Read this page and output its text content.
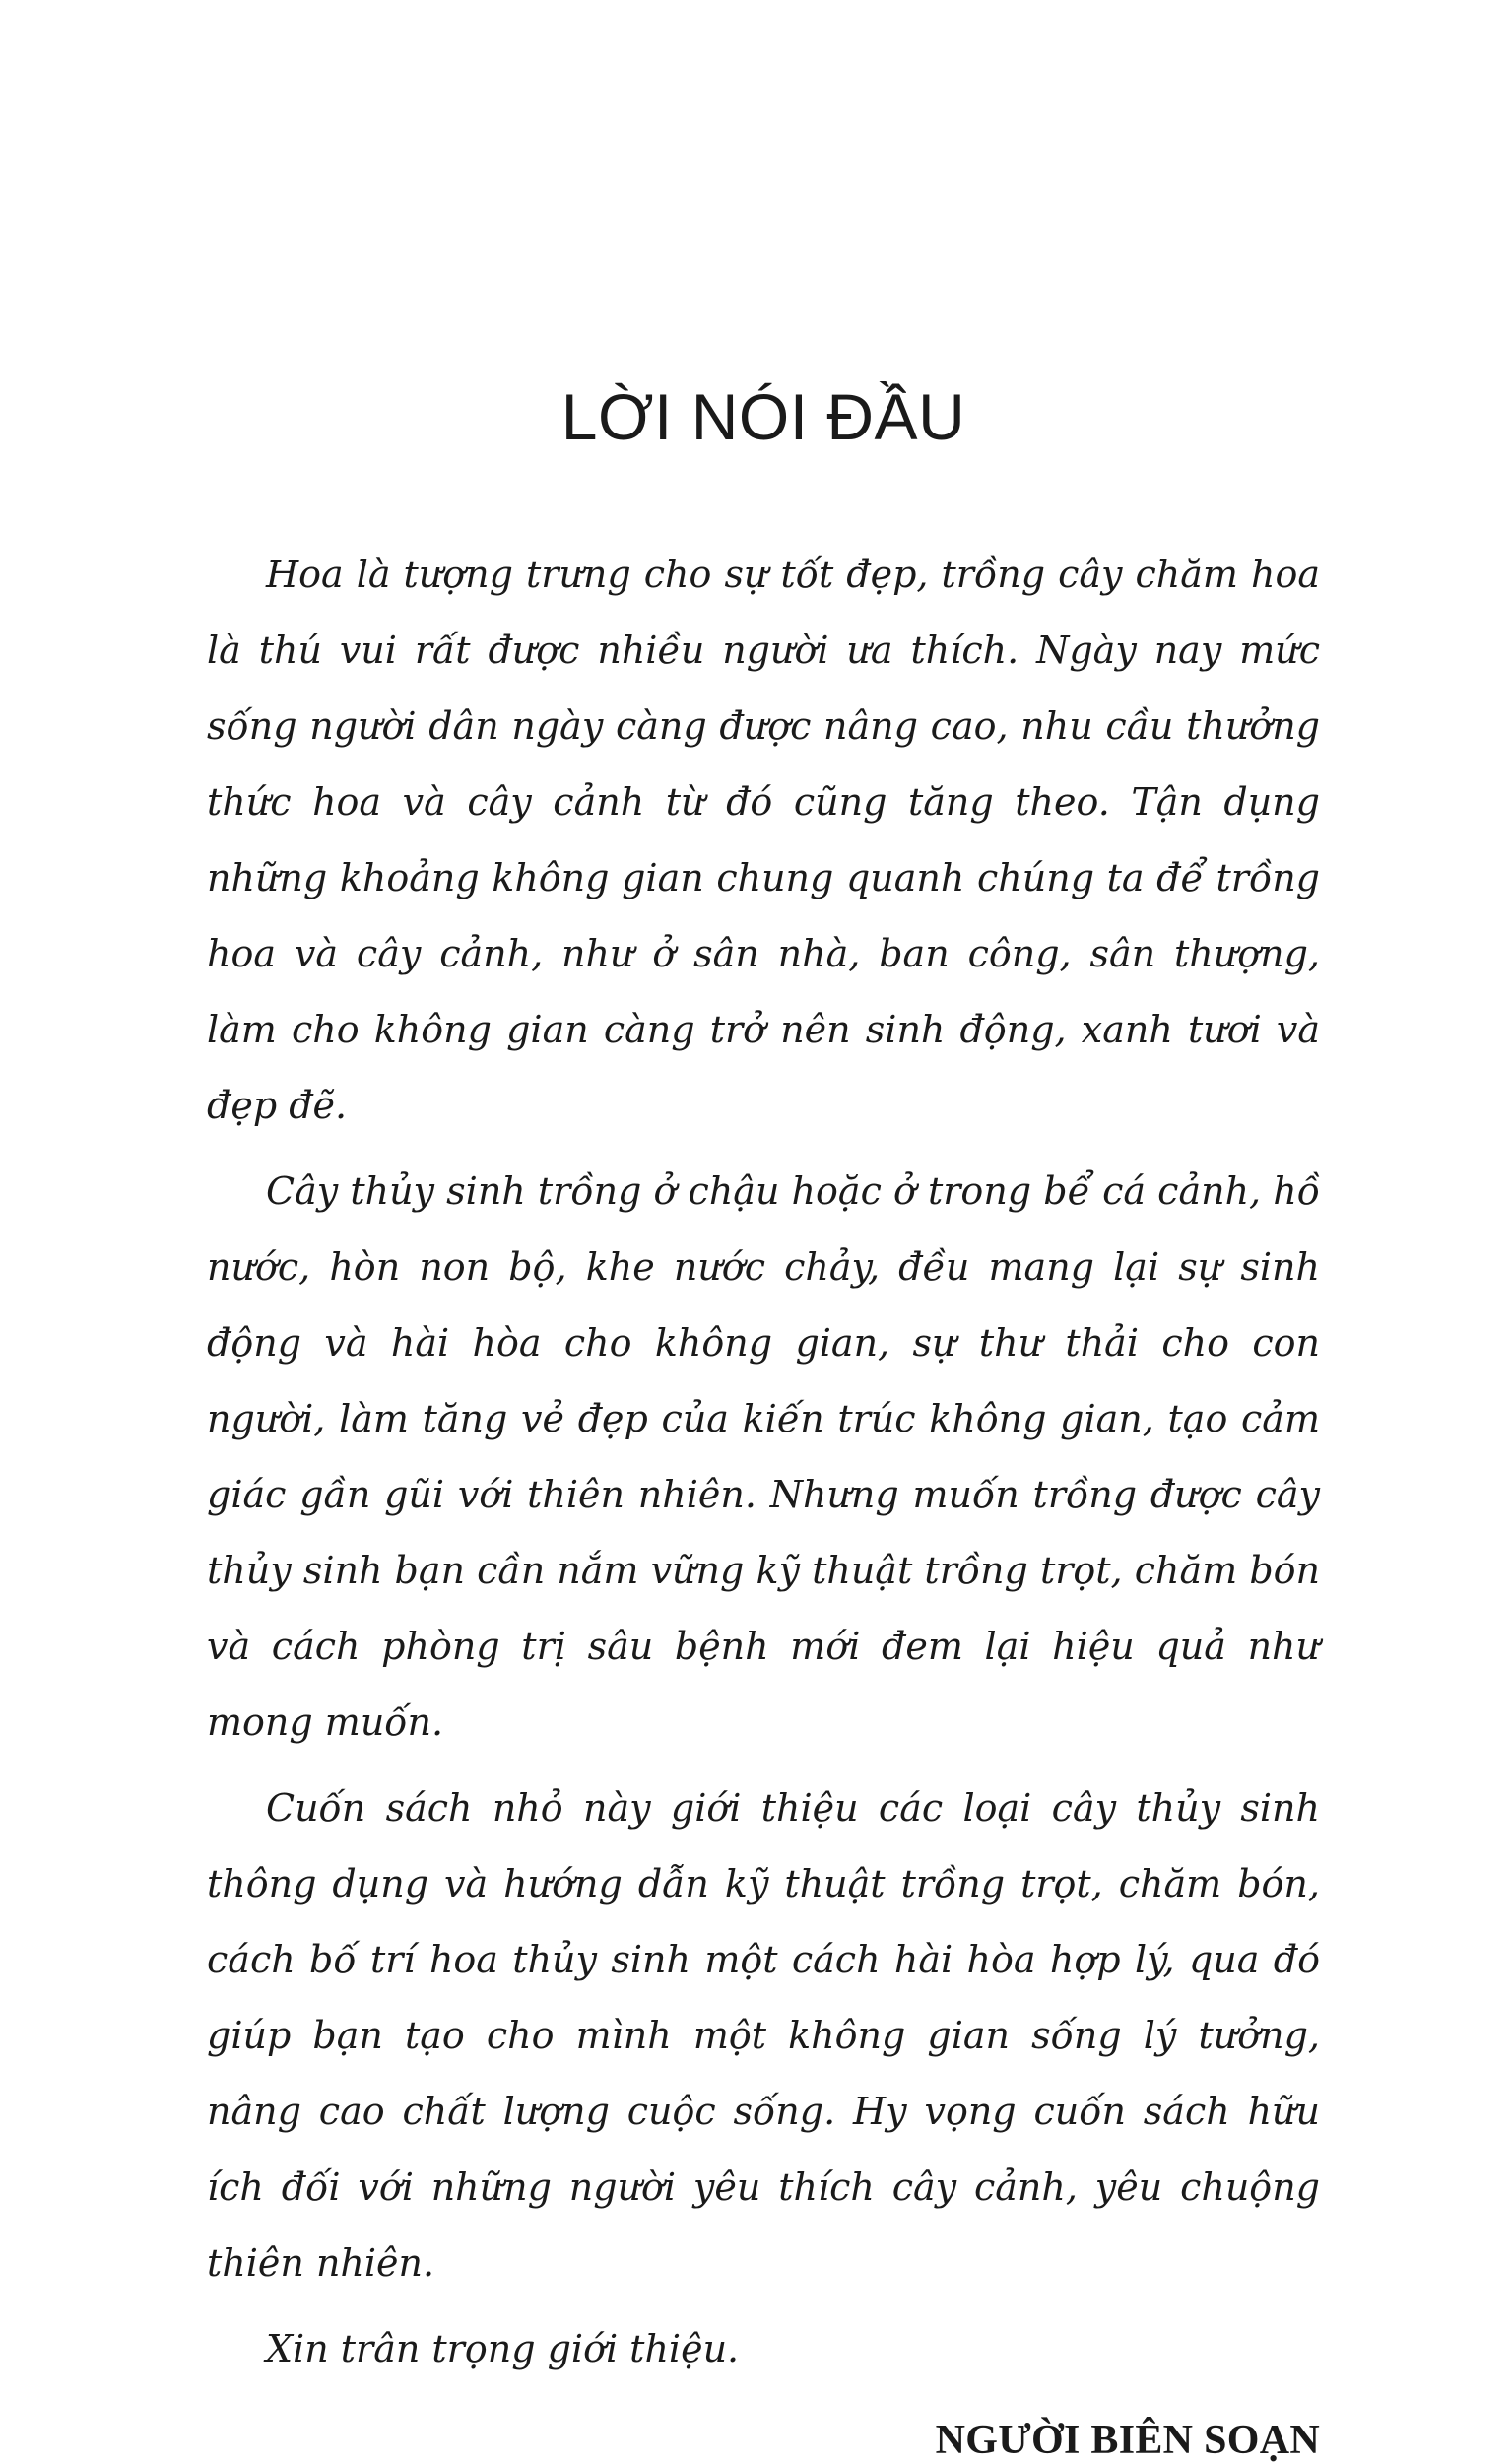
LỜI NÓI ĐẦU

Hoa là tượng trưng cho sự tốt đẹp, trồng cây chăm hoa là thú vui rất được nhiều người ưa thích. Ngày nay mức sống người dân ngày càng được nâng cao, nhu cầu thưởng thức hoa và cây cảnh từ đó cũng tăng theo. Tận dụng những khoảng không gian chung quanh chúng ta để trồng hoa và cây cảnh, như ở sân nhà, ban công, sân thượng, làm cho không gian càng trở nên sinh động, xanh tươi và đẹp đẽ.

Cây thủy sinh trồng ở chậu hoặc ở trong bể cá cảnh, hồ nước, hòn non bộ, khe nước chảy, đều mang lại sự sinh động và hài hòa cho không gian, sự thư thải cho con người, làm tăng vẻ đẹp của kiến trúc không gian, tạo cảm giác gần gũi với thiên nhiên. Nhưng muốn trồng được cây thủy sinh bạn cần nắm vững kỹ thuật trồng trọt, chăm bón và cách phòng trị sâu bệnh mới đem lại hiệu quả như mong muốn.

Cuốn sách nhỏ này giới thiệu các loại cây thủy sinh thông dụng và hướng dẫn kỹ thuật trồng trọt, chăm bón, cách bố trí hoa thủy sinh một cách hài hòa hợp lý, qua đó giúp bạn tạo cho mình một không gian sống lý tưởng, nâng cao chất lượng cuộc sống. Hy vọng cuốn sách hữu ích đối với những người yêu thích cây cảnh, yêu chuộng thiên nhiên.

Xin trân trọng giới thiệu.

NGƯỜI BIÊN SOẠN
